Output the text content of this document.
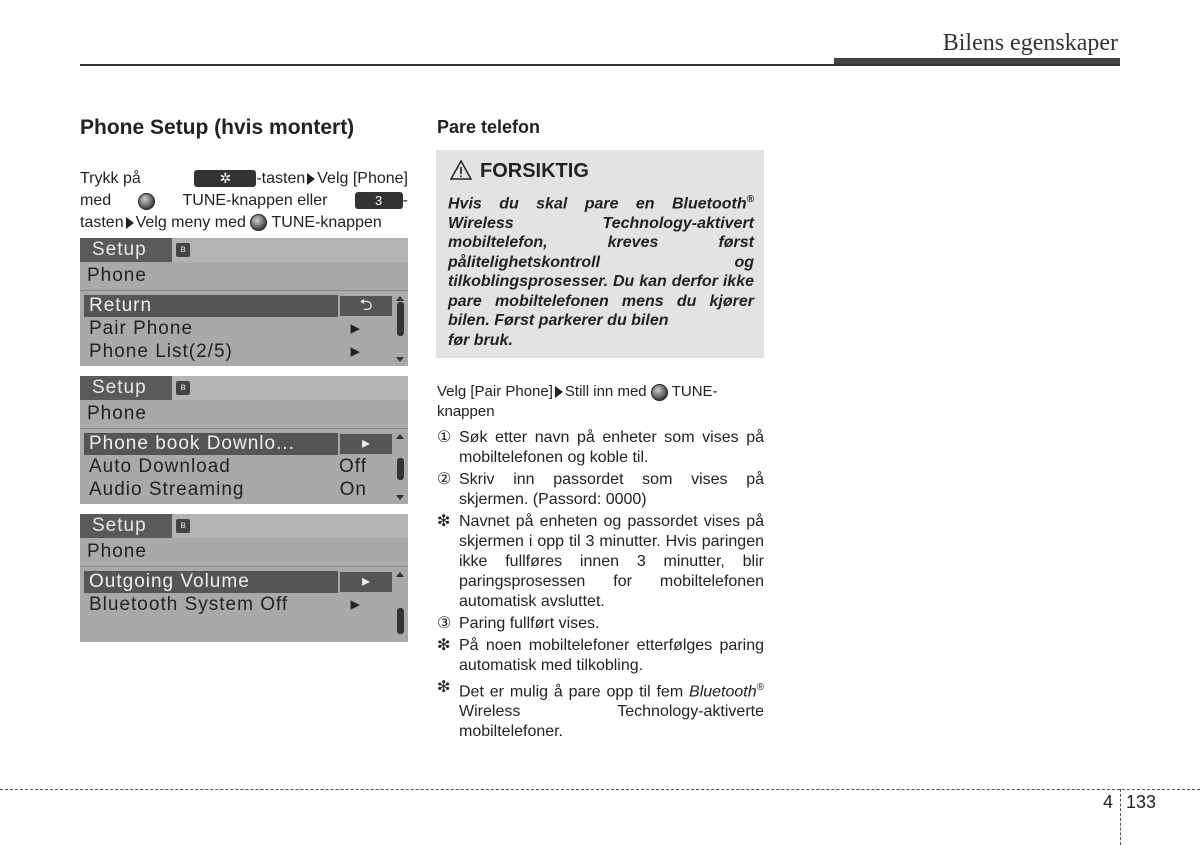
Bilens egenskaper
Phone Setup (hvis montert)
Trykk på	✲ -tasten Velg [Phone]
med	TUNE-knappen eller	3 -
tasten Velg meny med TUNE-knappen
Setup	ʙ
Phone
Return	⮌
Pair Phone	▸
Phone List(2/5)	▸
Setup	ʙ
Phone
Phone book Downlo...	▸
Auto Download	Off
Audio Streaming	On
Setup	ʙ
Phone
Outgoing Volume	▸
Bluetooth System Off	▸
Pare telefon
FORSIKTIG
Hvis du skal pare en Bluetooth® Wireless Technology-aktivert mobiltelefon, kreves først pålitelighetskontroll og tilkoblingsprosesser. Du kan derfor ikke pare mobiltelefonen mens du kjører bilen. Først parkerer du bilen
før bruk.
Velg [Pair Phone] Still inn med TUNE-knappen
① Søk etter navn på enheter som vises på mobiltelefonen og koble til.
② Skriv inn passordet som vises på skjermen. (Passord: 0000)
❇ Navnet på enheten og passordet vises på skjermen i opp til 3 minutter. Hvis paringen ikke fullføres innen 3 minutter, blir paringsprosessen for mobiltelefonen automatisk avsluttet.
③ Paring fullført vises.
❇ På noen mobiltelefoner etterfølges paring automatisk med tilkobling.
❇ Det er mulig å pare opp til fem Bluetooth® Wireless Technology-aktiverte mobiltelefoner.
4 133
